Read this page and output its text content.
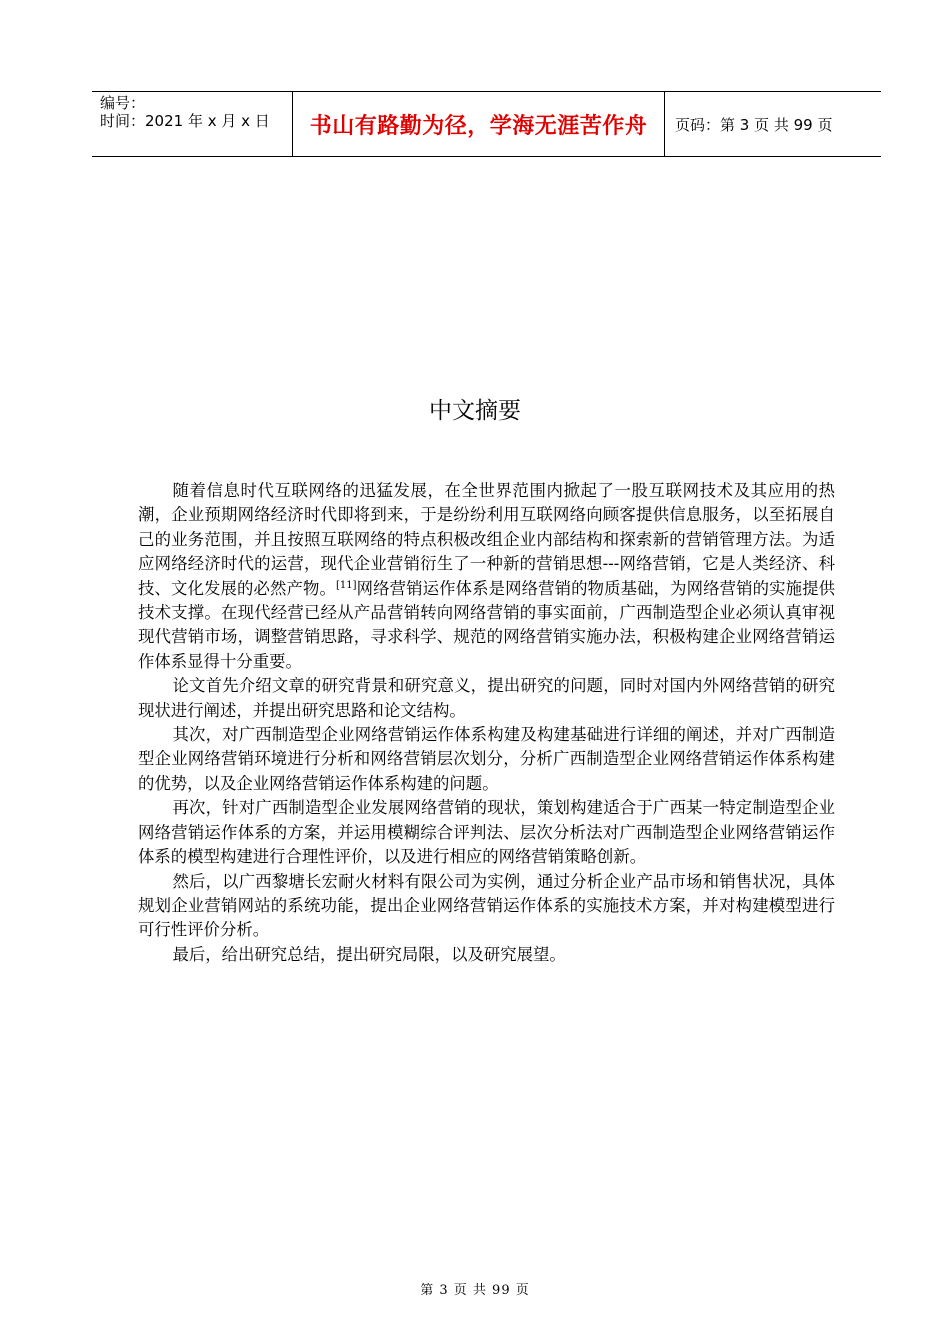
编号：
时间：2021 年 x 月 x 日	书山有路勤为径，学海无涯苦作舟 页码：第 3 页 共 99 页
中文摘要

随着信息时代互联网络的迅猛发展，在全世界范围内掀起了一股互联网技术及其应用的热潮，企业预期网络经济时代即将到来，于是纷纷利用互联网络向顾客提供信息服务，以至拓展自己的业务范围，并且按照互联网络的特点积极改组企业内部结构和探索新的营销管理方法。为适应网络经济时代的运营，现代企业营销衍生了一种新的营销思想---网络营销，它是人类经济、科技、文化发展的必然产物。[11]网络营销运作体系是网络营销的物质基础，为网络营销的实施提供技术支撑。在现代经营已经从产品营销转向网络营销的事实面前，广西制造型企业必须认真审视现代营销市场，调整营销思路，寻求科学、规范的网络营销实施办法，积极构建企业网络营销运作体系显得十分重要。

论文首先介绍文章的研究背景和研究意义，提出研究的问题，同时对国内外网络营销的研究现状进行阐述，并提出研究思路和论文结构。

其次，对广西制造型企业网络营销运作体系构建及构建基础进行详细的阐述，并对广西制造型企业网络营销环境进行分析和网络营销层次划分，分析广西制造型企业网络营销运作体系构建的优势，以及企业网络营销运作体系构建的问题。

再次，针对广西制造型企业发展网络营销的现状，策划构建适合于广西某一特定制造型企业网络营销运作体系的方案，并运用模糊综合评判法、层次分析法对广西制造型企业网络营销运作体系的模型构建进行合理性评价，以及进行相应的网络营销策略创新。

然后，以广西黎塘长宏耐火材料有限公司为实例，通过分析企业产品市场和销售状况，具体规划企业营销网站的系统功能，提出企业网络营销运作体系的实施技术方案，并对构建模型进行可行性评价分析。

最后，给出研究总结，提出研究局限，以及研究展望。

第 3 页 共 99 页
